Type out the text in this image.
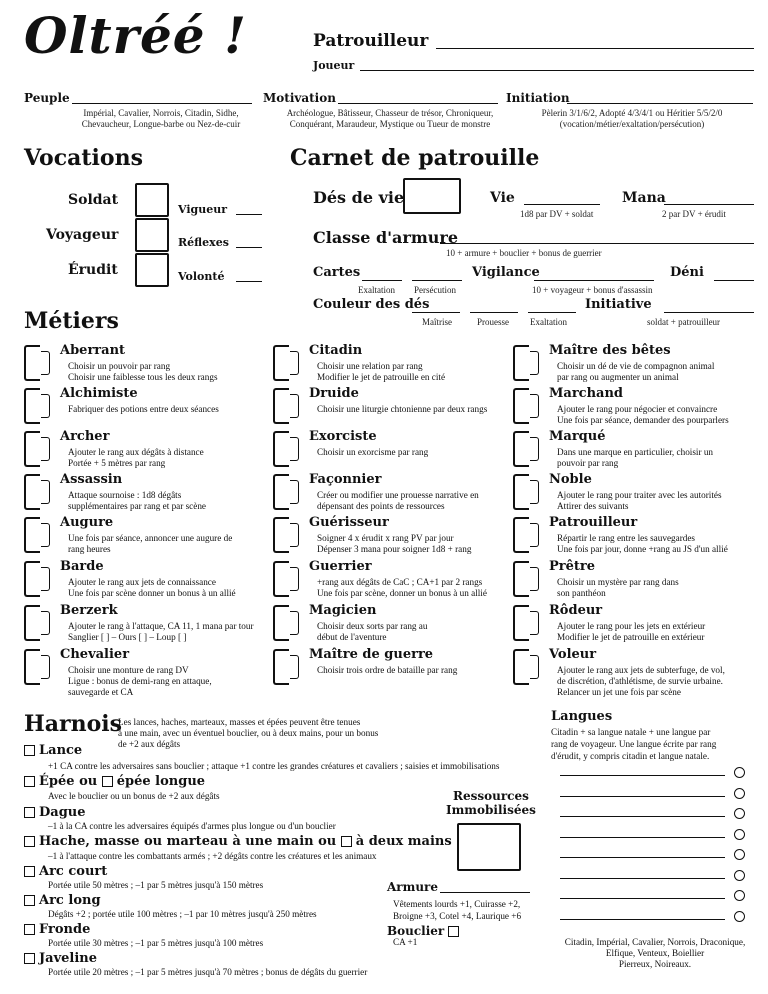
Oltréé !	Patrouilleur
Joueur
Peuple
Impérial, Cavalier, Norrois, Citadin, Sidhe,
Chevaucheur, Longue-barbe ou Nez-de-cuir
Motivation
Archéologue, Bâtisseur, Chasseur de trésor, Chroniqueur,
Conquérant, Maraudeur, Mystique ou Tueur de monstre
Initiation
Pèlerin 3/1/6/2, Adopté 4/3/4/1 ou Héritier 5/5/2/0
(vocation/métier/exaltation/persécution)
Vocations
Soldat
Voyageur
Érudit
Vigueur
Réflexes
Volonté
Carnet de patrouille
Dés de vie	Vie
1d8 par DV + soldat
Mana
2 par DV + érudit
Classe d'armure
10 + armure + bouclier + bonus de guerrier
Cartes
Exaltation Persécution
Vigilance
10 + voyageur + bonus d'assassin
Déni
Couleur des dés
Maîtrise	Prouesse Exaltation
Initiative
soldat + patrouilleur
Métiers
Aberrant
Choisir un pouvoir par rang
Choisir une faiblesse tous les deux rangs
Alchimiste
Fabriquer des potions entre deux séances
Archer
Ajouter le rang aux dégâts à distance
Portée + 5 mètres par rang
Assassin
Attaque sournoise : 1d8 dégâts
supplémentaires par rang et par scène
Augure
Une fois par séance, annoncer une augure de
rang heures
Barde
Ajouter le rang aux jets de connaissance
Une fois par scène donner un bonus à un allié
Berzerk
Ajouter le rang à l'attaque, CA 11, 1 mana par tour
Sanglier [ ] – Ours [ ] – Loup [ ]
Chevalier
Choisir une monture de rang DV
Ligue : bonus de demi-rang en attaque,
sauvegarde et CA
Citadin
Choisir une relation par rang
Modifier le jet de patrouille en cité
Druide
Choisir une liturgie chtonienne par deux rangs
Exorciste
Choisir un exorcisme par rang
Façonnier
Créer ou modifier une prouesse narrative en
dépensant des points de ressources
Guérisseur
Soigner 4 x érudit x rang PV par jour
Dépenser 3 mana pour soigner 1d8 + rang
Guerrier
+rang aux dégâts de CaC ; CA+1 par 2 rangs
Une fois par scène, donner un bonus à un allié
Magicien
Choisir deux sorts par rang au
début de l'aventure
Maître de guerre
Choisir trois ordre de bataille par rang
Maître des bêtes
Choisir un dé de vie de compagnon animal
par rang ou augmenter un animal
Marchand
Ajouter le rang pour négocier et convaincre
Une fois par séance, demander des pourparlers
Marqué
Dans une marque en particulier, choisir un
pouvoir par rang
Noble
Ajouter le rang pour traiter avec les autorités
Attirer des suivants
Patrouilleur
Répartir le rang entre les sauvegardes
Une fois par jour, donne +rang au JS d'un allié
Prêtre
Choisir un mystère par rang dans
son panthéon
Rôdeur
Ajouter le rang pour les jets en extérieur
Modifier le jet de patrouille en extérieur
Voleur
Ajouter le rang aux jets de subterfuge, de vol,
de discrétion, d'athlétisme, de survie urbaine.
Relancer un jet une fois par scène
Harnois
Les lances, haches, marteaux, masses et épées peuvent être tenues
à une main, avec un éventuel bouclier, ou à deux mains, pour un bonus
de +2 aux dégâts
Lance
+1 CA contre les adversaires sans bouclier ; attaque +1 contre les grandes créatures et cavaliers ; saisies et immobilisations
Épée ou épée longue
Avec le bouclier ou un bonus de +2 aux dégâts
Dague
–1 à la CA contre les adversaires équipés d'armes plus longue ou d'un bouclier
Hache, masse ou marteau à une main ou à deux mains
–1 à l'attaque contre les combattants armés ; +2 dégâts contre les créatures et les animaux
Arc court
Portée utile 50 mètres ; –1 par 5 mètres jusqu'à 150 mètres
Arc long
Dégâts +2 ; portée utile 100 mètres ; –1 par 10 mètres jusqu'à 250 mètres
Fronde
Portée utile 30 mètres ; –1 par 5 mètres jusqu'à 100 mètres
Javeline
Portée utile 20 mètres ; –1 par 5 mètres jusqu'à 70 mètres ; bonus de dégâts du guerrier
Ressources
Immobilisées
Armure
Vêtements lourds +1, Cuirasse +2,
Broigne +3, Cotel +4, Laurique +6
Bouclier
CA +1
Langues
Citadin + sa langue natale + une langue par
rang de voyageur. Une langue écrite par rang
d'érudit, y compris citadin et langue natale.
Citadin, Impérial, Cavalier, Norrois, Draconique,
Elfique, Venteux, Boiellier
Pierreux, Noireaux.
